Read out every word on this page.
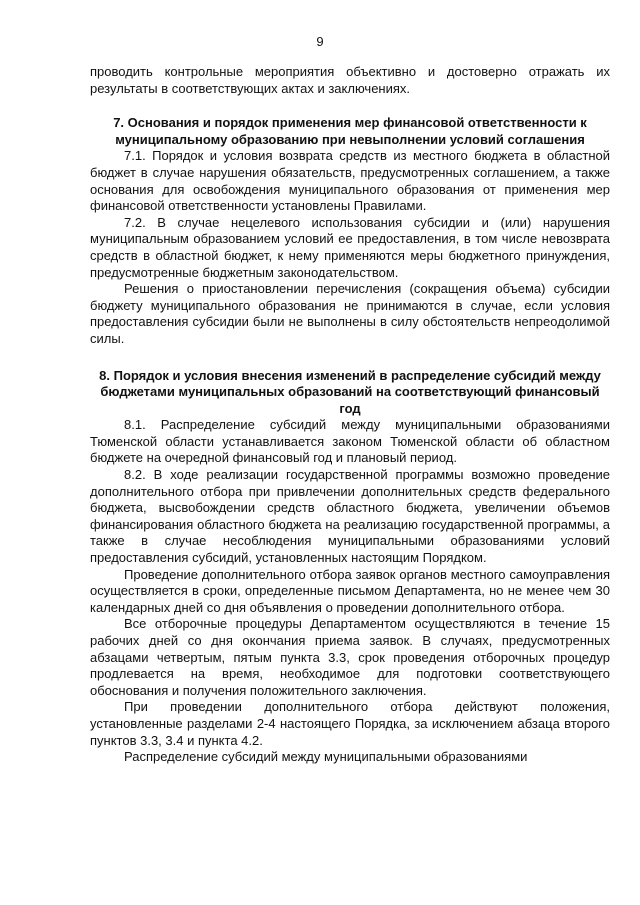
9

проводить контрольные мероприятия объективно и достоверно отражать их результаты в соответствующих актах и заключениях.

7. Основания и порядок применения мер финансовой ответственности к муниципальному образованию при невыполнении условий соглашения

7.1. Порядок и условия возврата средств из местного бюджета в областной бюджет в случае нарушения обязательств, предусмотренных соглашением, а также основания для освобождения муниципального образования от применения мер финансовой ответственности установлены Правилами.

7.2. В случае нецелевого использования субсидии и (или) нарушения муниципальным образованием условий ее предоставления, в том числе невозврата средств в областной бюджет, к нему применяются меры бюджетного принуждения, предусмотренные бюджетным законодательством.

Решения о приостановлении перечисления (сокращения объема) субсидии бюджету муниципального образования не принимаются в случае, если условия предоставления субсидии были не выполнены в силу обстоятельств непреодолимой силы.

8. Порядок и условия внесения изменений в распределение субсидий между бюджетами муниципальных образований на соответствующий финансовый год

8.1. Распределение субсидий между муниципальными образованиями Тюменской области устанавливается законом Тюменской области об областном бюджете на очередной финансовый год и плановый период.

8.2. В ходе реализации государственной программы возможно проведение дополнительного отбора при привлечении дополнительных средств федерального бюджета, высвобождении средств областного бюджета, увеличении объемов финансирования областного бюджета на реализацию государственной программы, а также в случае несоблюдения муниципальными образованиями условий предоставления субсидий, установленных настоящим Порядком.

Проведение дополнительного отбора заявок органов местного самоуправления осуществляется в сроки, определенные письмом Департамента, но не менее чем 30 календарных дней со дня объявления о проведении дополнительного отбора.

Все отборочные процедуры Департаментом осуществляются в течение 15 рабочих дней со дня окончания приема заявок. В случаях, предусмотренных абзацами четвертым, пятым пункта 3.3, срок проведения отборочных процедур продлевается на время, необходимое для подготовки соответствующего обоснования и получения положительного заключения.

При проведении дополнительного отбора действуют положения, установленные разделами 2-4 настоящего Порядка, за исключением абзаца второго пунктов 3.3, 3.4 и пункта 4.2.

Распределение субсидий между муниципальными образованиями
